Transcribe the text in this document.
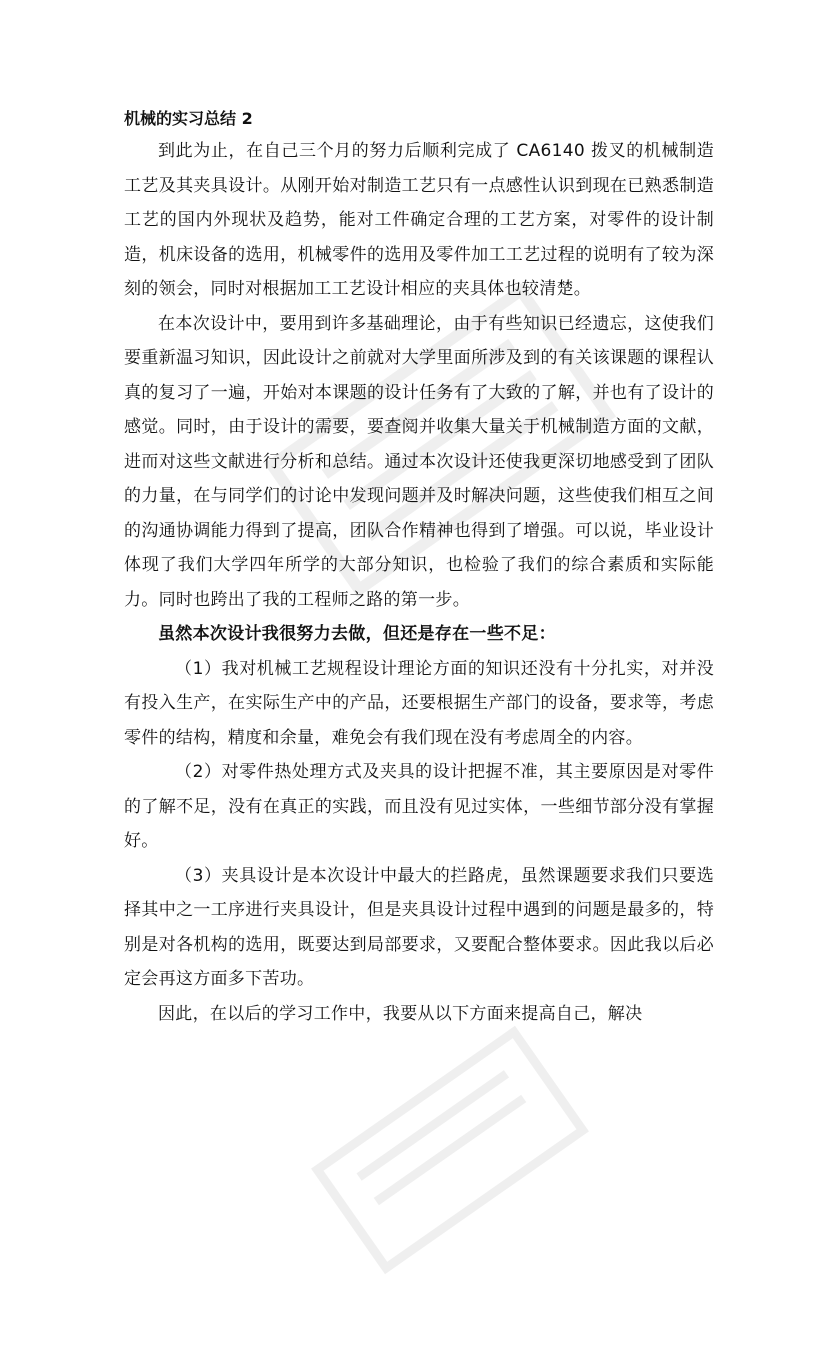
机械的实习总结 2

到此为止，在自己三个月的努力后顺利完成了 CA6140 拨叉的机械制造工艺及其夹具设计。从刚开始对制造工艺只有一点感性认识到现在已熟悉制造工艺的国内外现状及趋势，能对工件确定合理的工艺方案，对零件的设计制造，机床设备的选用，机械零件的选用及零件加工工艺过程的说明有了较为深刻的领会，同时对根据加工工艺设计相应的夹具体也较清楚。

在本次设计中，要用到许多基础理论，由于有些知识已经遗忘，这使我们要重新温习知识，因此设计之前就对大学里面所涉及到的有关该课题的课程认真的复习了一遍，开始对本课题的设计任务有了大致的了解，并也有了设计的感觉。同时，由于设计的需要，要查阅并收集大量关于机械制造方面的文献，进而对这些文献进行分析和总结。通过本次设计还使我更深切地感受到了团队的力量，在与同学们的讨论中发现问题并及时解决问题，这些使我们相互之间的沟通协调能力得到了提高，团队合作精神也得到了增强。可以说，毕业设计体现了我们大学四年所学的大部分知识，也检验了我们的综合素质和实际能力。同时也跨出了我的工程师之路的第一步。

虽然本次设计我很努力去做，但还是存在一些不足：

（1）我对机械工艺规程设计理论方面的知识还没有十分扎实，对并没有投入生产，在实际生产中的产品，还要根据生产部门的设备，要求等，考虑零件的结构，精度和余量，难免会有我们现在没有考虑周全的内容。

（2）对零件热处理方式及夹具的设计把握不准，其主要原因是对零件的了解不足，没有在真正的实践，而且没有见过实体，一些细节部分没有掌握好。

（3）夹具设计是本次设计中最大的拦路虎，虽然课题要求我们只要选择其中之一工序进行夹具设计，但是夹具设计过程中遇到的问题是最多的，特别是对各机构的选用，既要达到局部要求，又要配合整体要求。因此我以后必定会再这方面多下苦功。

因此，在以后的学习工作中，我要从以下方面来提高自己，解决
